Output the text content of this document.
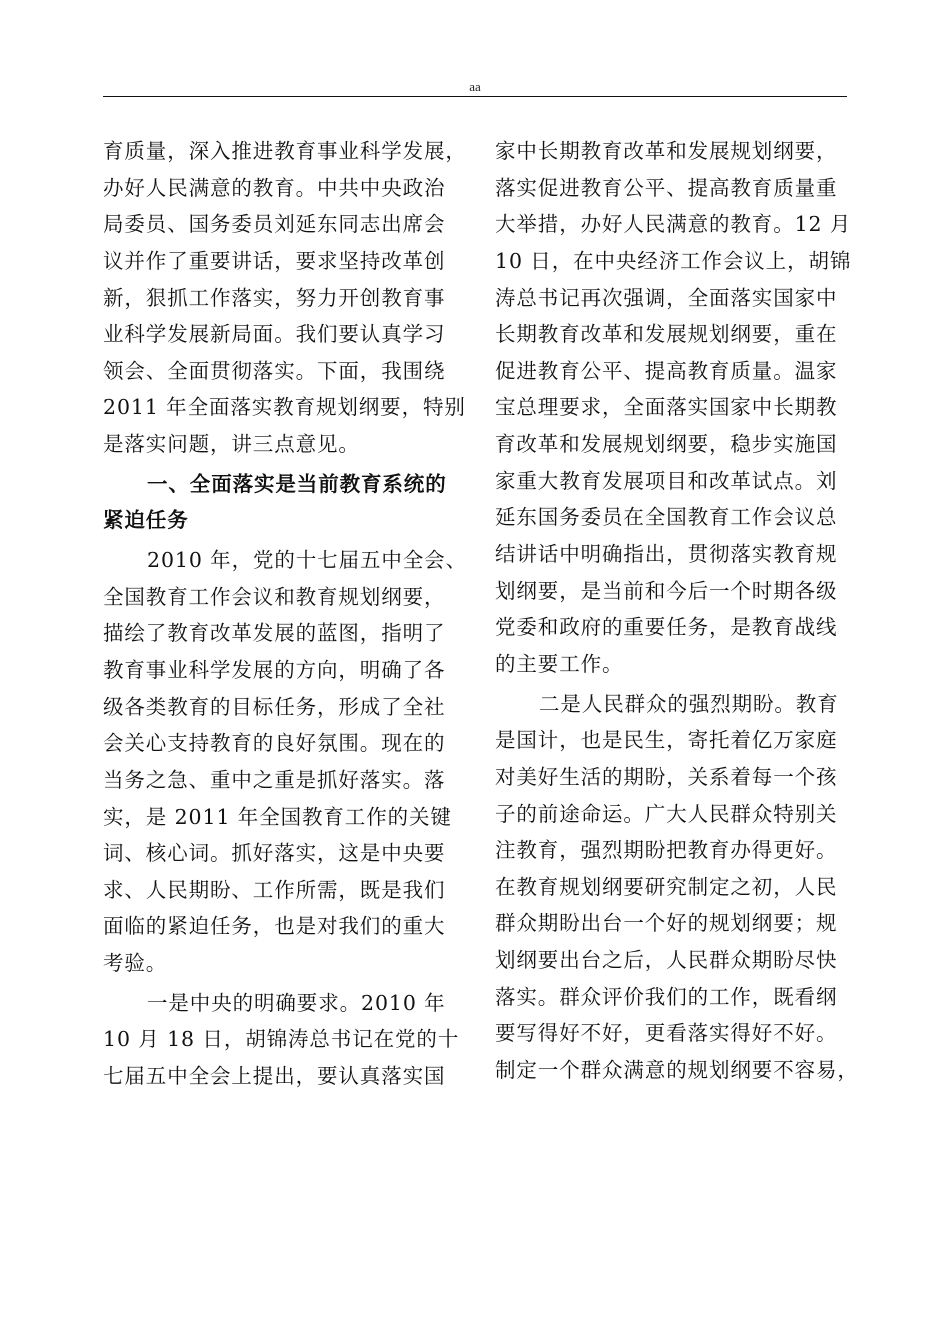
aa
育质量，深入推进教育事业科学发展，
办好人民满意的教育。中共中央政治
局委员、国务委员刘延东同志出席会
议并作了重要讲话，要求坚持改革创
新，狠抓工作落实，努力开创教育事
业科学发展新局面。我们要认真学习
领会、全面贯彻落实。下面，我围绕
2011 年全面落实教育规划纲要，特别
是落实问题，讲三点意见。
一、全面落实是当前教育系统的
紧迫任务
2010 年，党的十七届五中全会、
全国教育工作会议和教育规划纲要，
描绘了教育改革发展的蓝图，指明了
教育事业科学发展的方向，明确了各
级各类教育的目标任务，形成了全社
会关心支持教育的良好氛围。现在的
当务之急、重中之重是抓好落实。落
实，是 2011 年全国教育工作的关键
词、核心词。抓好落实，这是中央要
求、人民期盼、工作所需，既是我们
面临的紧迫任务，也是对我们的重大
考验。
一是中央的明确要求。2010 年
10 月 18 日，胡锦涛总书记在党的十
七届五中全会上提出，要认真落实国
家中长期教育改革和发展规划纲要，
落实促进教育公平、提高教育质量重
大举措，办好人民满意的教育。12 月
10 日，在中央经济工作会议上，胡锦
涛总书记再次强调，全面落实国家中
长期教育改革和发展规划纲要，重在
促进教育公平、提高教育质量。温家
宝总理要求，全面落实国家中长期教
育改革和发展规划纲要，稳步实施国
家重大教育发展项目和改革试点。刘
延东国务委员在全国教育工作会议总
结讲话中明确指出，贯彻落实教育规
划纲要，是当前和今后一个时期各级
党委和政府的重要任务，是教育战线
的主要工作。
二是人民群众的强烈期盼。教育
是国计，也是民生，寄托着亿万家庭
对美好生活的期盼，关系着每一个孩
子的前途命运。广大人民群众特别关
注教育，强烈期盼把教育办得更好。
在教育规划纲要研究制定之初，人民
群众期盼出台一个好的规划纲要；规
划纲要出台之后，人民群众期盼尽快
落实。群众评价我们的工作，既看纲
要写得好不好，更看落实得好不好。
制定一个群众满意的规划纲要不容易，
